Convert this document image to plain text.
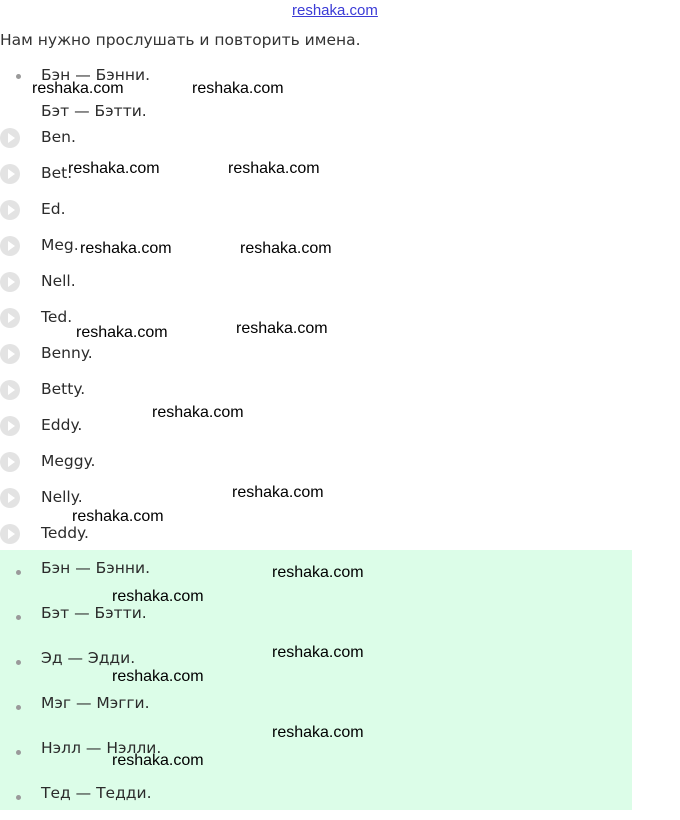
reshaka.com
Нам нужно прослушать и повторить имена.
Бэн — Бэнни.
Бэт — Бэтти.
Ben.
Bet.
Ed.
Meg.
Nell.
Ted.
Benny.
Betty.
Eddy.
Meggy.
Nelly.
Teddy.
Бэн — Бэнни.
Бэт — Бэтти.
Эд — Эдди.
Мэг — Мэгги.
Нэлл — Нэлли.
Тед — Тедди.
reshaka.com	reshaka.com
reshaka.com	reshaka.com
reshaka.com	reshaka.com
reshaka.com	reshaka.com
reshaka.com
reshaka.com
reshaka.com
reshaka.com
reshaka.com
reshaka.com
reshaka.com
reshaka.com
reshaka.com
